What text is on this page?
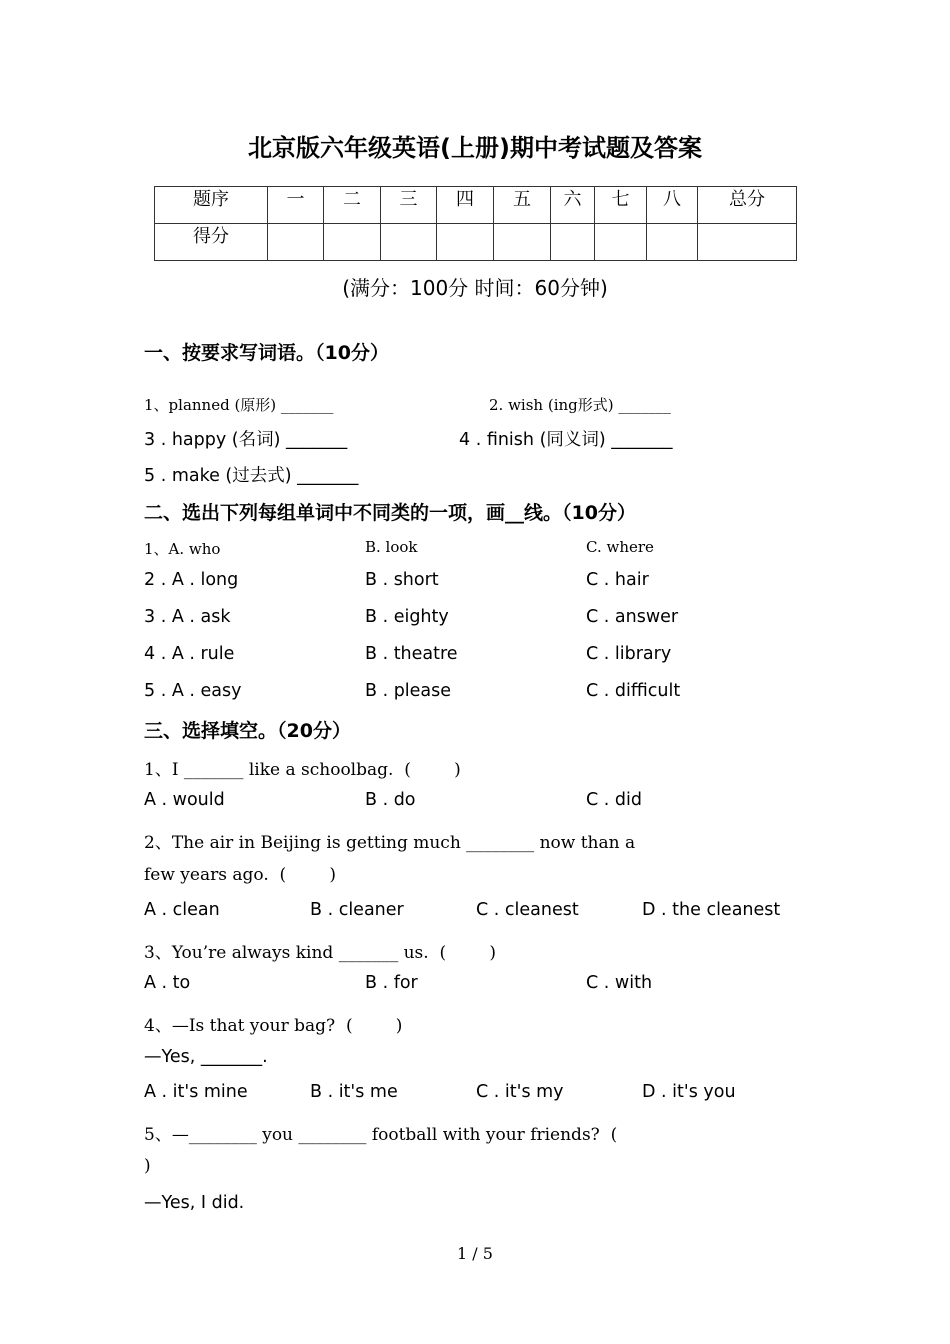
北京版六年级英语(上册)期中考试题及答案
题序	一	二	三	四	五	六	七	八	总分
得分									
(满分：100分 时间：60分钟)
一、按要求写词语。（10分）
1、planned (原形) _______	2. wish (ing形式) _______
3 . happy (名词) _______	4 . finish (同义词) _______
5 . make (过去式) _______
二、选出下列每组单词中不同类的一项，画__线。（10分）
1、A. who	B. look	C. where
2 . A . long	B . short	C . hair
3 . A . ask	B . eighty	C . answer
4 . A . rule	B . theatre	C . library
5 . A . easy	B . please	C . difficult
三、选择填空。（20分）
1、I _______ like a schoolbag.  (        )
A . would	B . do	C . did
2、The air in Beijing is getting much ________ now than a
few years ago.  (        )
A . clean	B . cleaner	C . cleanest	D . the cleanest
3、You’re always kind _______ us.  (        )
A . to	B . for	C . with
4、—Is that your bag?  (        )
—Yes, _______.
A . it's mine	B . it's me	C . it's my	D . it's you
5、—________ you ________ football with your friends?  (
)
—Yes, I did.
1 / 5
